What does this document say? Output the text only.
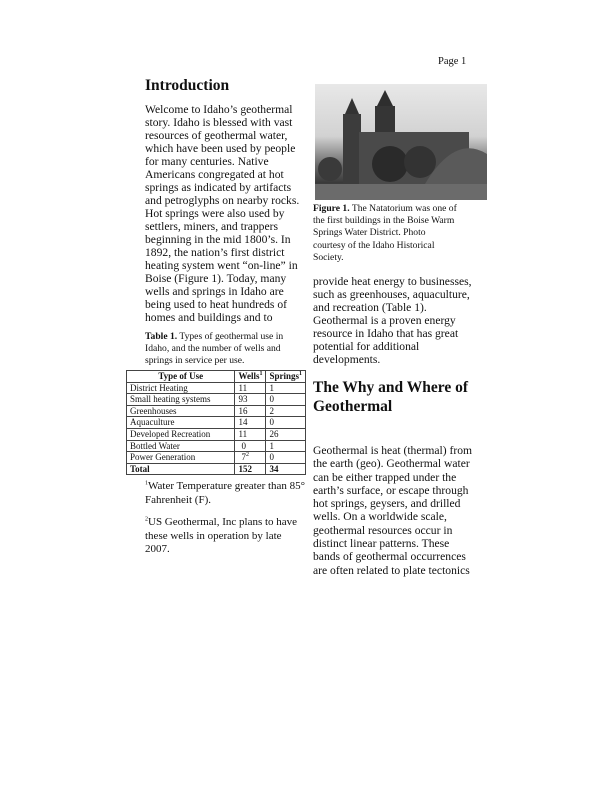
Page 1
Introduction
Welcome to Idaho’s geothermal
story. Idaho is blessed with vast
resources of geothermal water,
which have been used by people
for many centuries. Native
Americans congregated at hot
springs as indicated by artifacts
and petroglyphs on nearby rocks.
Hot springs were also used by
settlers, miners, and trappers
beginning in the mid 1800’s. In
1892, the nation’s first district
heating system went “on-line” in
Boise (Figure 1). Today, many
wells and springs in Idaho are
being used to heat hundreds of
homes and buildings and to
Table 1. Types of geothermal use in
Idaho, and the number of wells and
springs in service per use.
Type of Use	Wells$^1$	Springs$^1$
District Heating	11	1
Small heating systems	93	0
Greenhouses	16	2
Aquaculture	14	0
Developed Recreation	11	26
Bottled Water	0	1
Power Generation	$7^2$	0
Total	152	34
$^1$Water Temperature greater than 85°
Fahrenheit (F).
$^2$US Geothermal, Inc plans to have
these wells in operation by late
2007.
Figure 1. The Natatorium was one of
the first buildings in the Boise Warm
Springs Water District. Photo
courtesy of the Idaho Historical
Society.
provide heat energy to businesses,
such as greenhouses, aquaculture,
and recreation (Table 1).
Geothermal is a proven energy
resource in Idaho that has great
potential for additional
developments.
The Why and Where of
Geothermal
Geothermal is heat (thermal) from
the earth (geo). Geothermal water
can be either trapped under the
earth’s surface, or escape through
hot springs, geysers, and drilled
wells. On a worldwide scale,
geothermal resources occur in
distinct linear patterns. These
bands of geothermal occurrences
are often related to plate tectonics
